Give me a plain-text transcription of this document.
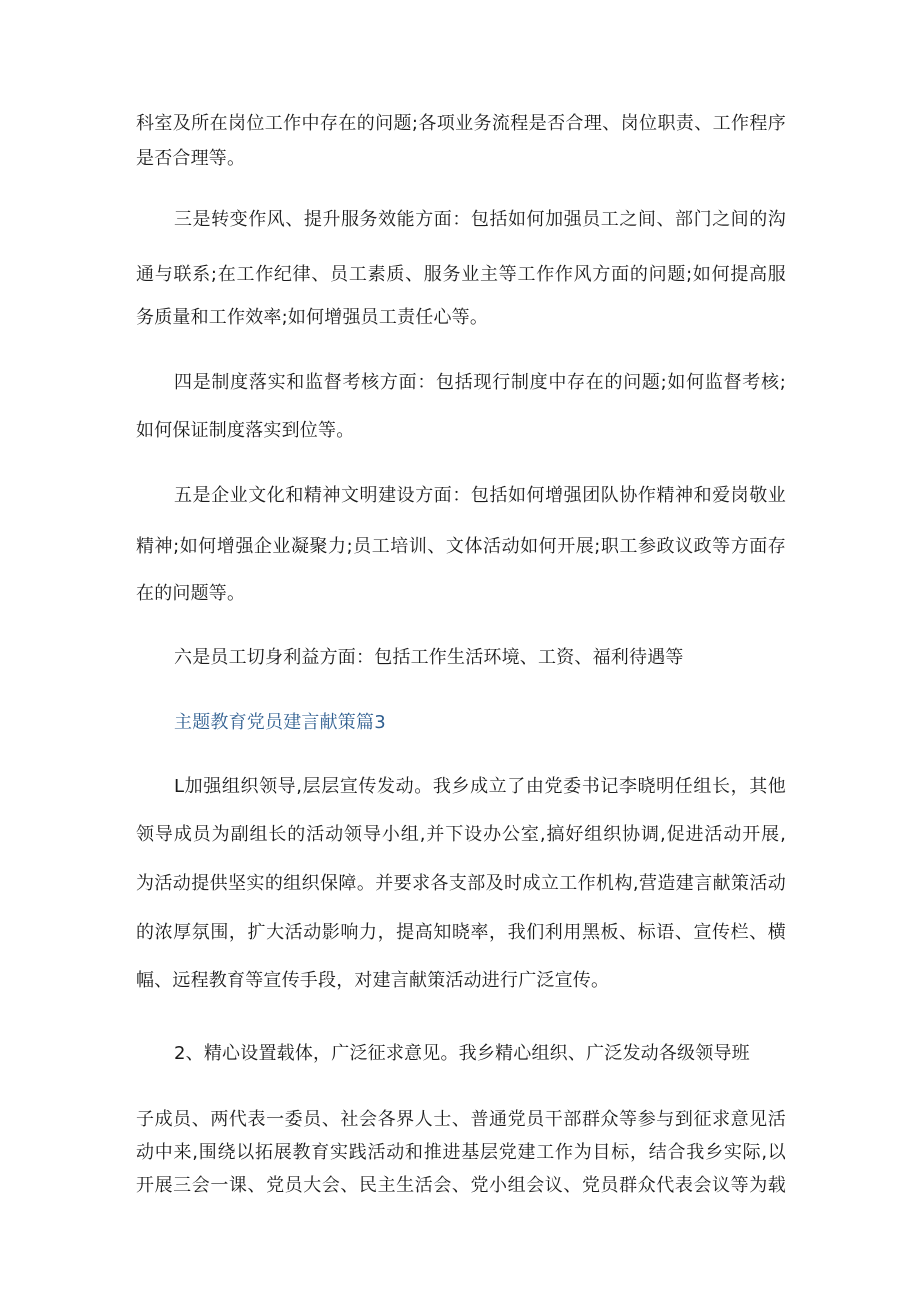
科室及所在岗位工作中存在的问题;各项业务流程是否合理、岗位职责、工作程序
是否合理等。
三是转变作风、提升服务效能方面：包括如何加强员工之间、部门之间的沟
通与联系;在工作纪律、员工素质、服务业主等工作作风方面的问题;如何提高服
务质量和工作效率;如何增强员工责任心等。
四是制度落实和监督考核方面：包括现行制度中存在的问题;如何监督考核;
如何保证制度落实到位等。
五是企业文化和精神文明建设方面：包括如何增强团队协作精神和爱岗敬业
精神;如何增强企业凝聚力;员工培训、文体活动如何开展;职工参政议政等方面存
在的问题等。
六是员工切身利益方面：包括工作生活环境、工资、福利待遇等
主题教育党员建言献策篇3
L加强组织领导,层层宣传发动。我乡成立了由党委书记李晓明任组长，其他
领导成员为副组长的活动领导小组,并下设办公室,搞好组织协调,促进活动开展,
为活动提供坚实的组织保障。并要求各支部及时成立工作机构,营造建言献策活动
的浓厚氛围，扩大活动影响力，提高知晓率，我们利用黑板、标语、宣传栏、横
幅、远程教育等宣传手段，对建言献策活动进行广泛宣传。
2、精心设置载体，广泛征求意见。我乡精心组织、广泛发动各级领导班
子成员、两代表一委员、社会各界人士、普通党员干部群众等参与到征求意见活
动中来,围绕以拓展教育实践活动和推进基层党建工作为目标，结合我乡实际,以
开展三会一课、党员大会、民主生活会、党小组会议、党员群众代表会议等为载
